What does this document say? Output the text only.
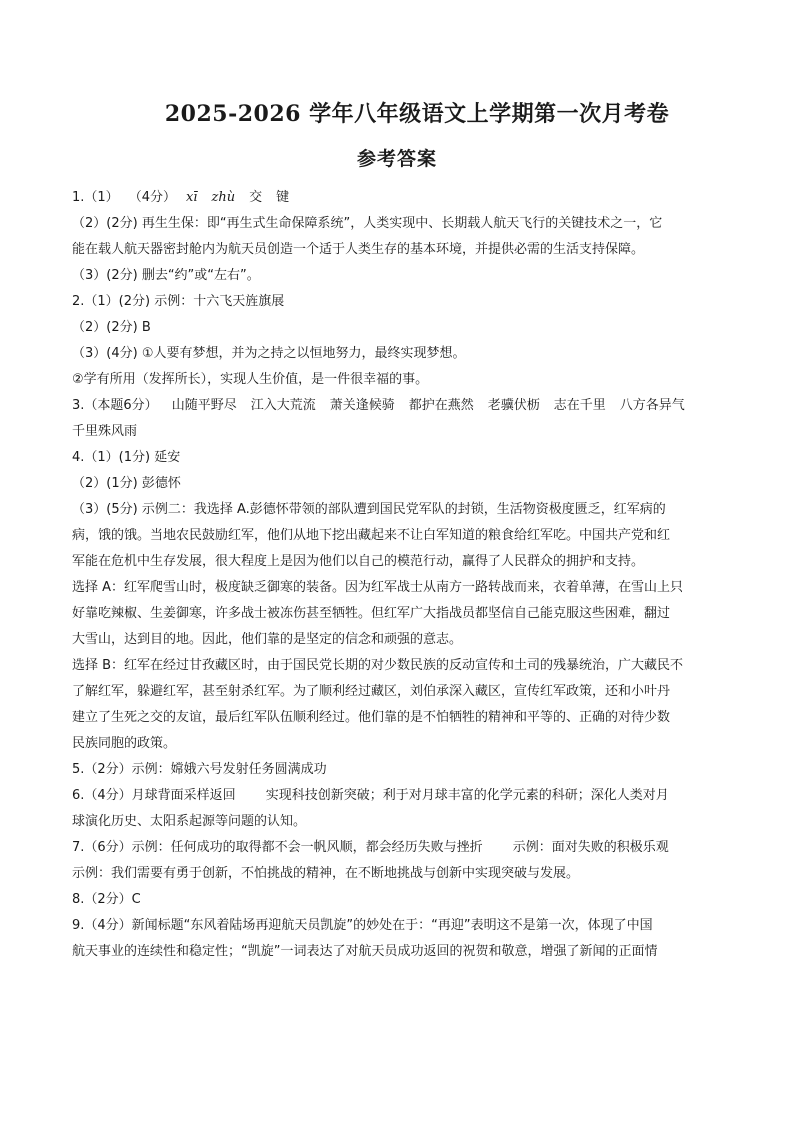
2025-2026 学年八年级语文上学期第一次月考卷
参考答案
1.（1） （4分） xī zhù 交 键
（2）(2分) 再生生保：即“再生式生命保障系统”，人类实现中、长期载人航天飞行的关键技术之一，它
能在载人航天器密封舱内为航天员创造一个适于人类生存的基本环境，并提供必需的生活支持保障。
（3）(2分) 删去“约”或“左右”。
2.（1）(2分) 示例：十六飞天旌旗展
（2）(2分) B
（3）(4分) ①人要有梦想，并为之持之以恒地努力，最终实现梦想。
②学有所用（发挥所长），实现人生价值，是一件很幸福的事。
3.（本题6分） 山随平野尽 江入大荒流 萧关逢候骑 都护在燕然 老骥伏枥 志在千里 八方各异气
千里殊风雨
4.（1）(1分) 延安
（2）(1分) 彭德怀
（3）(5分) 示例二：我选择 A.彭德怀带领的部队遭到国民党军队的封锁，生活物资极度匮乏，红军病的
病，饿的饿。当地农民鼓励红军，他们从地下挖出藏起来不让白军知道的粮食给红军吃。中国共产党和红
军能在危机中生存发展，很大程度上是因为他们以自己的模范行动，赢得了人民群众的拥护和支持。
选择 A：红军爬雪山时，极度缺乏御寒的装备。因为红军战士从南方一路转战而来，衣着单薄，在雪山上只
好靠吃辣椒、生姜御寒，许多战士被冻伤甚至牺牲。但红军广大指战员都坚信自己能克服这些困难，翻过
大雪山，达到目的地。因此，他们靠的是坚定的信念和顽强的意志。
选择 B：红军在经过甘孜藏区时，由于国民党长期的对少数民族的反动宣传和土司的残暴统治，广大藏民不
了解红军，躲避红军，甚至射杀红军。为了顺利经过藏区，刘伯承深入藏区，宣传红军政策，还和小叶丹
建立了生死之交的友谊，最后红军队伍顺利经过。他们靠的是不怕牺牲的精神和平等的、正确的对待少数
民族同胞的政策。
5.（2分）示例：嫦娥六号发射任务圆满成功
6.（4分）月球背面采样返回 实现科技创新突破；利于对月球丰富的化学元素的科研；深化人类对月
球演化历史、太阳系起源等问题的认知。
7.（6分）示例：任何成功的取得都不会一帆风顺，都会经历失败与挫折 示例：面对失败的积极乐观
示例：我们需要有勇于创新，不怕挑战的精神，在不断地挑战与创新中实现突破与发展。
8.（2分）C
9.（4分）新闻标题“东风着陆场再迎航天员凯旋”的妙处在于：“再迎”表明这不是第一次，体现了中国
航天事业的连续性和稳定性；“凯旋”一词表达了对航天员成功返回的祝贺和敬意，增强了新闻的正面情
